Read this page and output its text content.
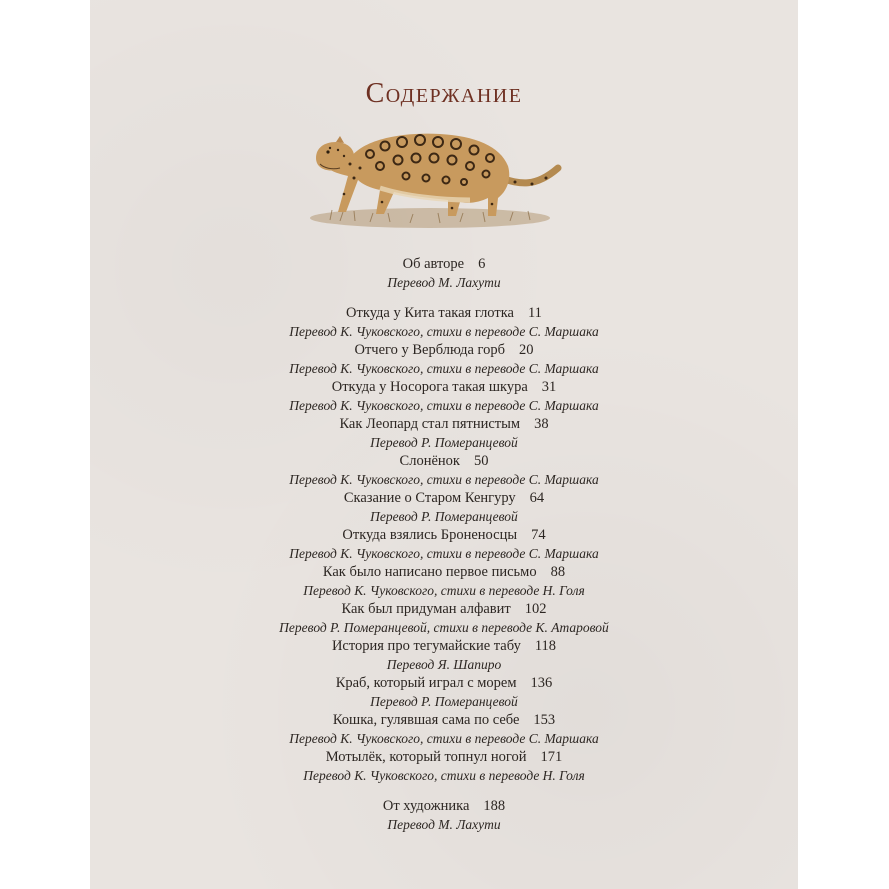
Содержание
Об авторе 6
Перевод М. Лахути
Откуда у Кита такая глотка 11
Перевод К. Чуковского, стихи в переводе С. Маршака
Отчего у Верблюда горб 20
Перевод К. Чуковского, стихи в переводе С. Маршака
Откуда у Носорога такая шкура 31
Перевод К. Чуковского, стихи в переводе С. Маршака
Как Леопард стал пятнистым 38
Перевод Р. Померанцевой
Слонёнок 50
Перевод К. Чуковского, стихи в переводе С. Маршака
Сказание о Старом Кенгуру 64
Перевод Р. Померанцевой
Откуда взялись Броненосцы 74
Перевод К. Чуковского, стихи в переводе С. Маршака
Как было написано первое письмо 88
Перевод К. Чуковского, стихи в переводе Н. Голя
Как был придуман алфавит 102
Перевод Р. Померанцевой, стихи в переводе К. Атаровой
История про тегумайские табу 118
Перевод Я. Шапиро
Краб, который играл с морем 136
Перевод Р. Померанцевой
Кошка, гулявшая сама по себе 153
Перевод К. Чуковского, стихи в переводе С. Маршака
Мотылёк, который топнул ногой 171
Перевод К. Чуковского, стихи в переводе Н. Голя
От художника 188
Перевод М. Лахути
